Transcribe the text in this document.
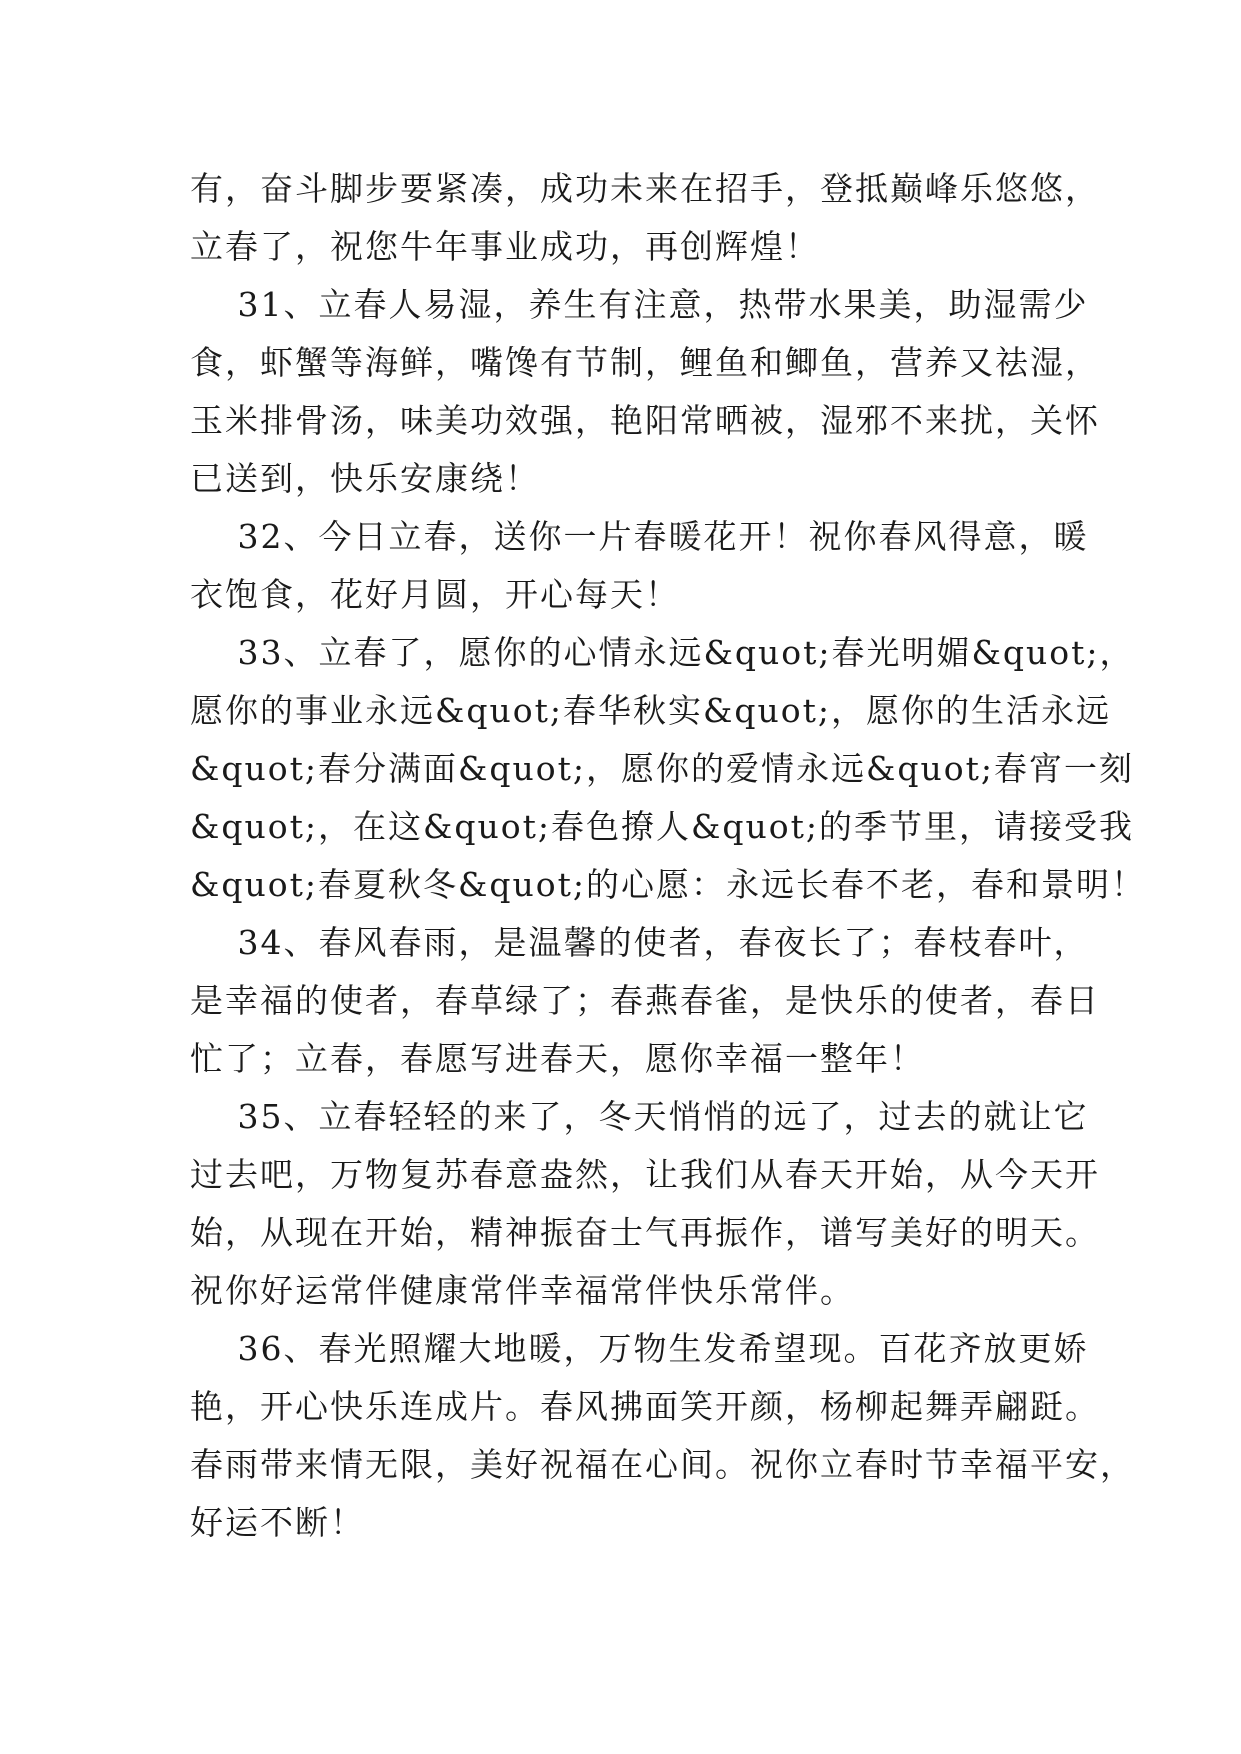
有，奋斗脚步要紧凑，成功未来在招手，登抵巅峰乐悠悠，
立春了，祝您牛年事业成功，再创辉煌！
　 31、立春人易湿，养生有注意，热带水果美，助湿需少
食，虾蟹等海鲜，嘴馋有节制，鲤鱼和鲫鱼，营养又祛湿，
玉米排骨汤，味美功效强，艳阳常晒被，湿邪不来扰，关怀
已送到，快乐安康绕！
　 32、今日立春，送你一片春暖花开！祝你春风得意，暖
衣饱食，花好月圆，开心每天！
　 33、立春了，愿你的心情永远&quot;春光明媚&quot;，
愿你的事业永远&quot;春华秋实&quot;，愿你的生活永远
&quot;春分满面&quot;，愿你的爱情永远&quot;春宵一刻
&quot;，在这&quot;春色撩人&quot;的季节里，请接受我
&quot;春夏秋冬&quot;的心愿：永远长春不老，春和景明！
　 34、春风春雨，是温馨的使者，春夜长了；春枝春叶，
是幸福的使者，春草绿了；春燕春雀，是快乐的使者，春日
忙了；立春，春愿写进春天，愿你幸福一整年！
　 35、立春轻轻的来了，冬天悄悄的远了，过去的就让它
过去吧，万物复苏春意盎然，让我们从春天开始，从今天开
始，从现在开始，精神振奋士气再振作，谱写美好的明天。
祝你好运常伴健康常伴幸福常伴快乐常伴。
　 36、春光照耀大地暖，万物生发希望现。百花齐放更娇
艳，开心快乐连成片。春风拂面笑开颜，杨柳起舞弄翩跹。
春雨带来情无限，美好祝福在心间。祝你立春时节幸福平安，
好运不断！
